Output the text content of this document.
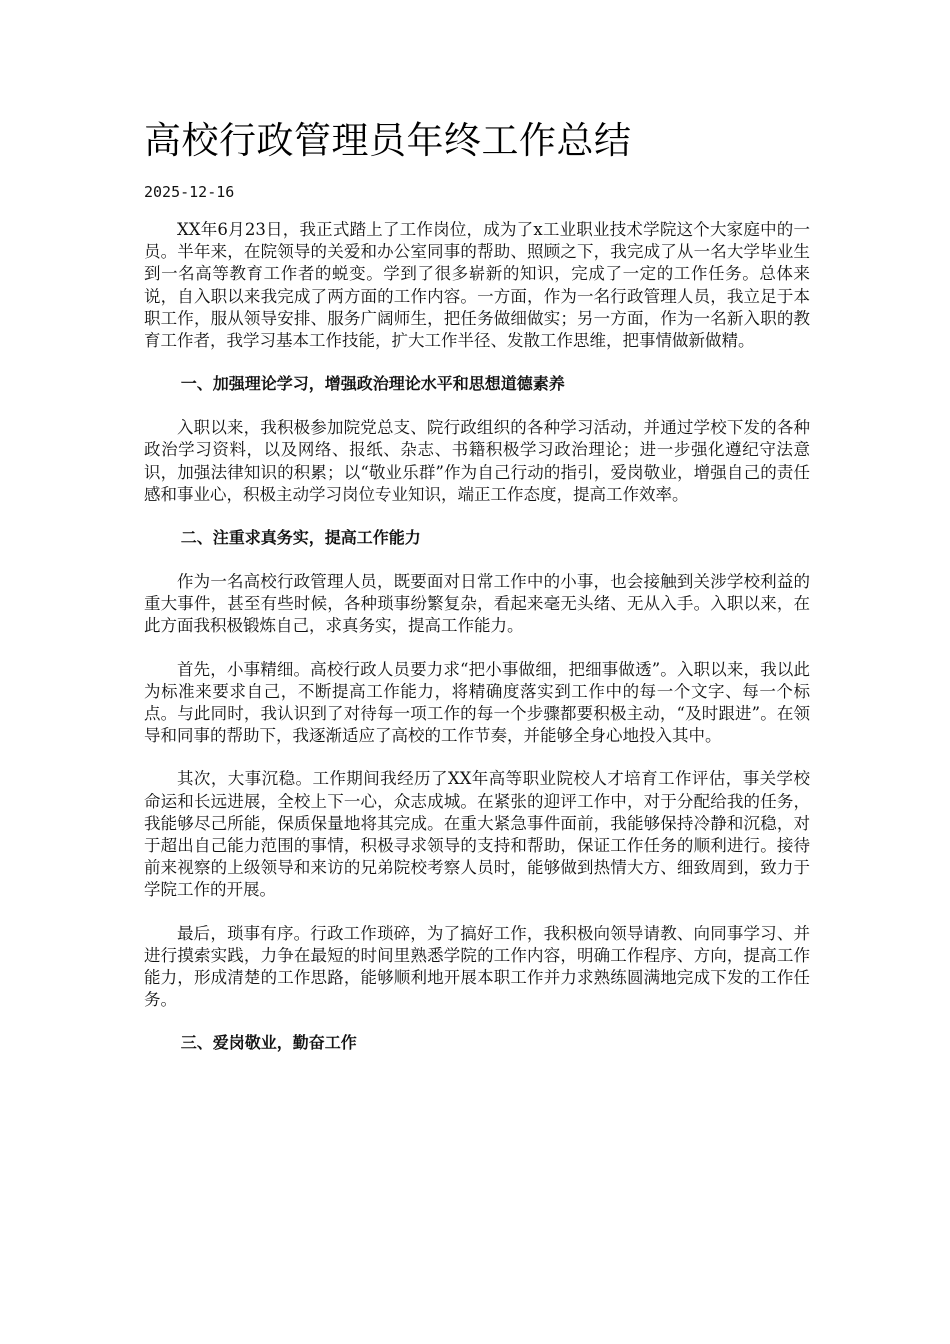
高校行政管理员年终工作总结
2025-12-16

XX年6月23日，我正式踏上了工作岗位，成为了x工业职业技术学院这个大家庭中的一员。半年来，在院领导的关爱和办公室同事的帮助、照顾之下，我完成了从一名大学毕业生到一名高等教育工作者的蜕变。学到了很多崭新的知识，完成了一定的工作任务。总体来说，自入职以来我完成了两方面的工作内容。一方面，作为一名行政管理人员，我立足于本职工作，服从领导安排、服务广阔师生，把任务做细做实；另一方面，作为一名新入职的教育工作者，我学习基本工作技能，扩大工作半径、发散工作思维，把事情做新做精。

一、加强理论学习，增强政治理论水平和思想道德素养

入职以来，我积极参加院党总支、院行政组织的各种学习活动，并通过学校下发的各种政治学习资料，以及网络、报纸、杂志、书籍积极学习政治理论；进一步强化遵纪守法意识，加强法律知识的积累；以“敬业乐群”作为自己行动的指引，爱岗敬业，增强自己的责任感和事业心，积极主动学习岗位专业知识，端正工作态度，提高工作效率。

二、注重求真务实，提高工作能力

作为一名高校行政管理人员，既要面对日常工作中的小事，也会接触到关涉学校利益的重大事件，甚至有些时候，各种琐事纷繁复杂，看起来毫无头绪、无从入手。入职以来，在此方面我积极锻炼自己，求真务实，提高工作能力。

首先，小事精细。高校行政人员要力求“把小事做细，把细事做透”。入职以来，我以此为标准来要求自己，不断提高工作能力，将精确度落实到工作中的每一个文字、每一个标点。与此同时，我认识到了对待每一项工作的每一个步骤都要积极主动，“及时跟进”。在领导和同事的帮助下，我逐渐适应了高校的工作节奏，并能够全身心地投入其中。

其次，大事沉稳。工作期间我经历了XX年高等职业院校人才培育工作评估，事关学校命运和长远进展，全校上下一心，众志成城。在紧张的迎评工作中，对于分配给我的任务，我能够尽己所能，保质保量地将其完成。在重大紧急事件面前，我能够保持冷静和沉稳，对于超出自己能力范围的事情，积极寻求领导的支持和帮助，保证工作任务的顺利进行。接待前来视察的上级领导和来访的兄弟院校考察人员时，能够做到热情大方、细致周到，致力于学院工作的开展。

最后，琐事有序。行政工作琐碎，为了搞好工作，我积极向领导请教、向同事学习、并进行摸索实践，力争在最短的时间里熟悉学院的工作内容，明确工作程序、方向，提高工作能力，形成清楚的工作思路，能够顺利地开展本职工作并力求熟练圆满地完成下发的工作任务。

三、爱岗敬业，勤奋工作
